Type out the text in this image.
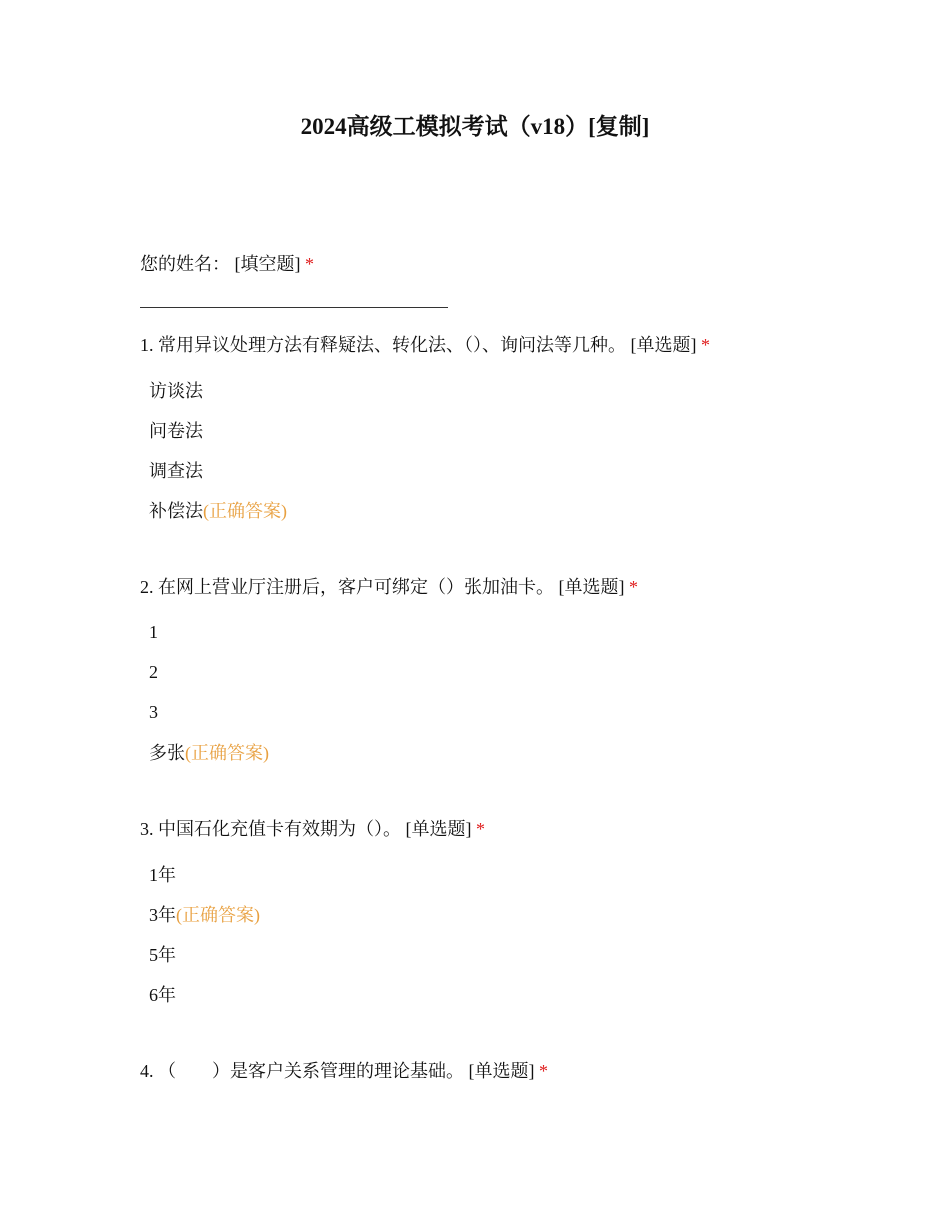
2024高级工模拟考试（v18）[复制]
您的姓名： [填空题] *
1. 常用异议处理方法有释疑法、转化法、（）、询问法等几种。 [单选题] *
访谈法
问卷法
调查法
补偿法(正确答案)
2. 在网上营业厅注册后，客户可绑定（）张加油卡。 [单选题] *
1
2
3
多张(正确答案)
3. 中国石化充值卡有效期为（）。 [单选题] *
1年
3年(正确答案)
5年
6年
4. （　　）是客户关系管理的理论基础。 [单选题] *
